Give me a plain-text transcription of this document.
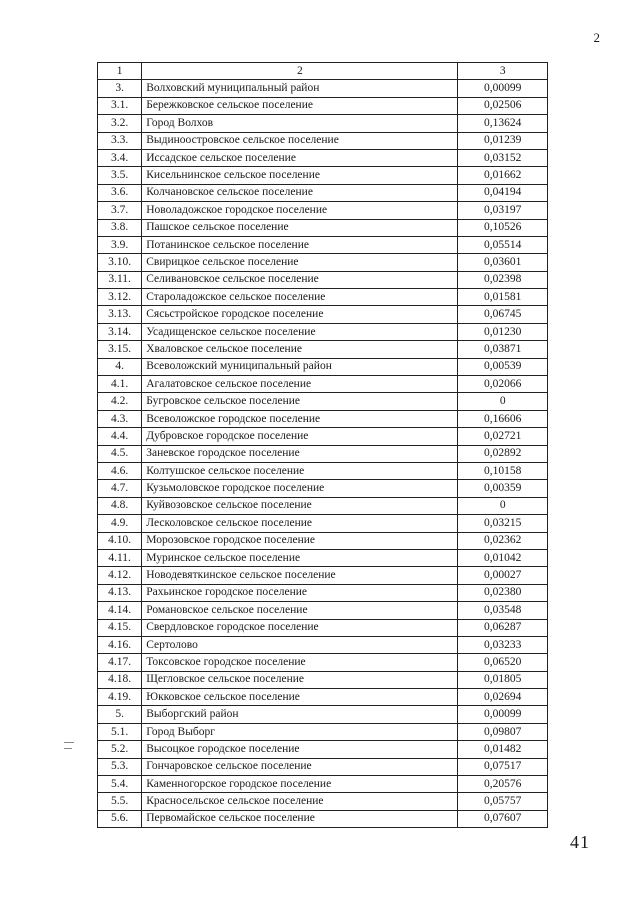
2
1	2	3
3.	Волховский муниципальный район	0,00099
3.1.	Бережковское сельское поселение	0,02506
3.2.	Город Волхов	0,13624
3.3.	Выдиноостровское сельское поселение	0,01239
3.4.	Иссадское сельское поселение	0,03152
3.5.	Кисельнинское сельское поселение	0,01662
3.6.	Колчановское сельское поселение	0,04194
3.7.	Новоладожское городское поселение	0,03197
3.8.	Пашское сельское поселение	0,10526
3.9.	Потанинское сельское поселение	0,05514
3.10.	Свирицкое сельское поселение	0,03601
3.11.	Селивановское сельское поселение	0,02398
3.12.	Староладожское сельское поселение	0,01581
3.13.	Сясьстройское городское поселение	0,06745
3.14.	Усадищенское сельское поселение	0,01230
3.15.	Хваловское сельское поселение	0,03871
4.	Всеволожский муниципальный район	0,00539
4.1.	Агалатовское сельское поселение	0,02066
4.2.	Бугровское сельское поселение	0
4.3.	Всеволожское городское поселение	0,16606
4.4.	Дубровское городское поселение	0,02721
4.5.	Заневское городское поселение	0,02892
4.6.	Колтушское сельское поселение	0,10158
4.7.	Кузьмоловское городское поселение	0,00359
4.8.	Куйвозовское сельское поселение	0
4.9.	Лесколовское сельское поселение	0,03215
4.10.	Морозовское городское поселение	0,02362
4.11.	Муринское сельское поселение	0,01042
4.12.	Новодевяткинское сельское поселение	0,00027
4.13.	Рахьинское городское поселение	0,02380
4.14.	Романовское сельское поселение	0,03548
4.15.	Свердловское городское поселение	0,06287
4.16.	Сертолово	0,03233
4.17.	Токсовское городское поселение	0,06520
4.18.	Щегловское сельское поселение	0,01805
4.19.	Юкковское сельское поселение	0,02694
5.	Выборгский район	0,00099
5.1.	Город Выборг	0,09807
5.2.	Высоцкое городское поселение	0,01482
5.3.	Гончаровское сельское поселение	0,07517
5.4.	Каменногорское городское поселение	0,20576
5.5.	Красносельское сельское поселение	0,05757
5.6.	Первомайское сельское поселение	0,07607
41
